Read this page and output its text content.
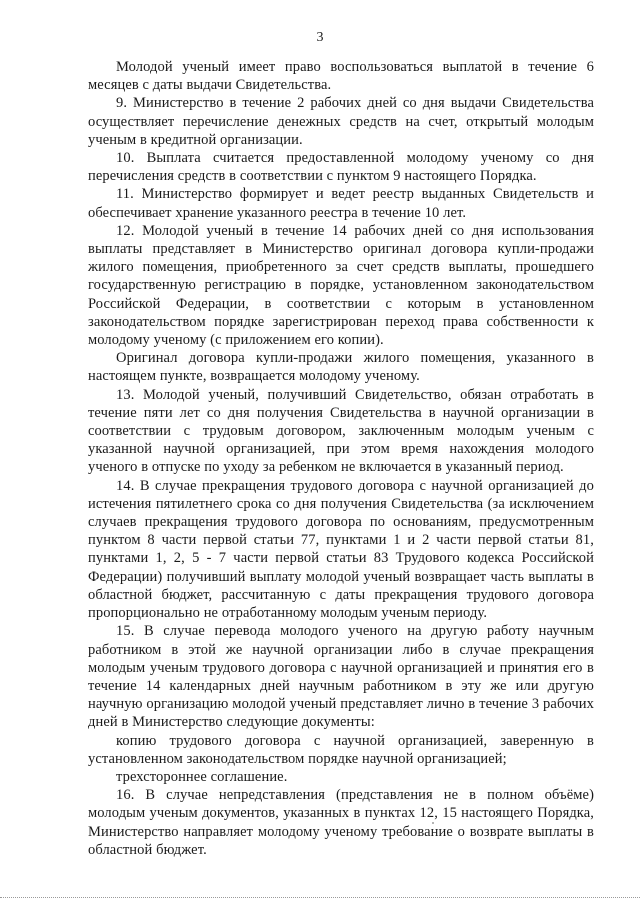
3

Молодой ученый имеет право воспользоваться выплатой в течение 6 месяцев с даты выдачи Свидетельства.

9. Министерство в течение 2 рабочих дней со дня выдачи Свидетельства осуществляет перечисление денежных средств на счет, открытый молодым ученым в кредитной организации.

10. Выплата считается предоставленной молодому ученому со дня перечисления средств в соответствии с пунктом 9 настоящего Порядка.

11. Министерство формирует и ведет реестр выданных Свидетельств и обеспечивает хранение указанного реестра в течение 10 лет.

12. Молодой ученый в течение 14 рабочих дней со дня использования выплаты представляет в Министерство оригинал договора купли-продажи жилого помещения, приобретенного за счет средств выплаты, прошедшего государственную регистрацию в порядке, установленном законодательством Российской Федерации, в соответствии с которым в установленном законодательством порядке зарегистрирован переход права собственности к молодому ученому (с приложением его копии).

Оригинал договора купли-продажи жилого помещения, указанного в настоящем пункте, возвращается молодому ученому.

13. Молодой ученый, получивший Свидетельство, обязан отработать в течение пяти лет со дня получения Свидетельства в научной организации в соответствии с трудовым договором, заключенным молодым ученым с указанной научной организацией, при этом время нахождения молодого ученого в отпуске по уходу за ребенком не включается в указанный период.

14. В случае прекращения трудового договора с научной организацией до истечения пятилетнего срока со дня получения Свидетельства (за исключением случаев прекращения трудового договора по основаниям, предусмотренным пунктом 8 части первой статьи 77, пунктами 1 и 2 части первой статьи 81, пунктами 1, 2, 5 - 7 части первой статьи 83 Трудового кодекса Российской Федерации) получивший выплату молодой ученый возвращает часть выплаты в областной бюджет, рассчитанную с даты прекращения трудового договора пропорционально не отработанному молодым ученым периоду.

15. В случае перевода молодого ученого на другую работу научным работником в этой же научной организации либо в случае прекращения молодым ученым трудового договора с научной организацией и принятия его в течение 14 календарных дней научным работником в эту же или другую научную организацию молодой ученый представляет лично в течение 3 рабочих дней в Министерство следующие документы:

копию трудового договора с научной организацией, заверенную в установленном законодательством порядке научной организацией;

трехстороннее соглашение.

16. В случае непредставления (представления не в полном объёме) молодым ученым документов, указанных в пунктах 12, 15 настоящего Порядка, Министерство направляет молодому ученому требование о возврате выплаты в областной бюджет.
